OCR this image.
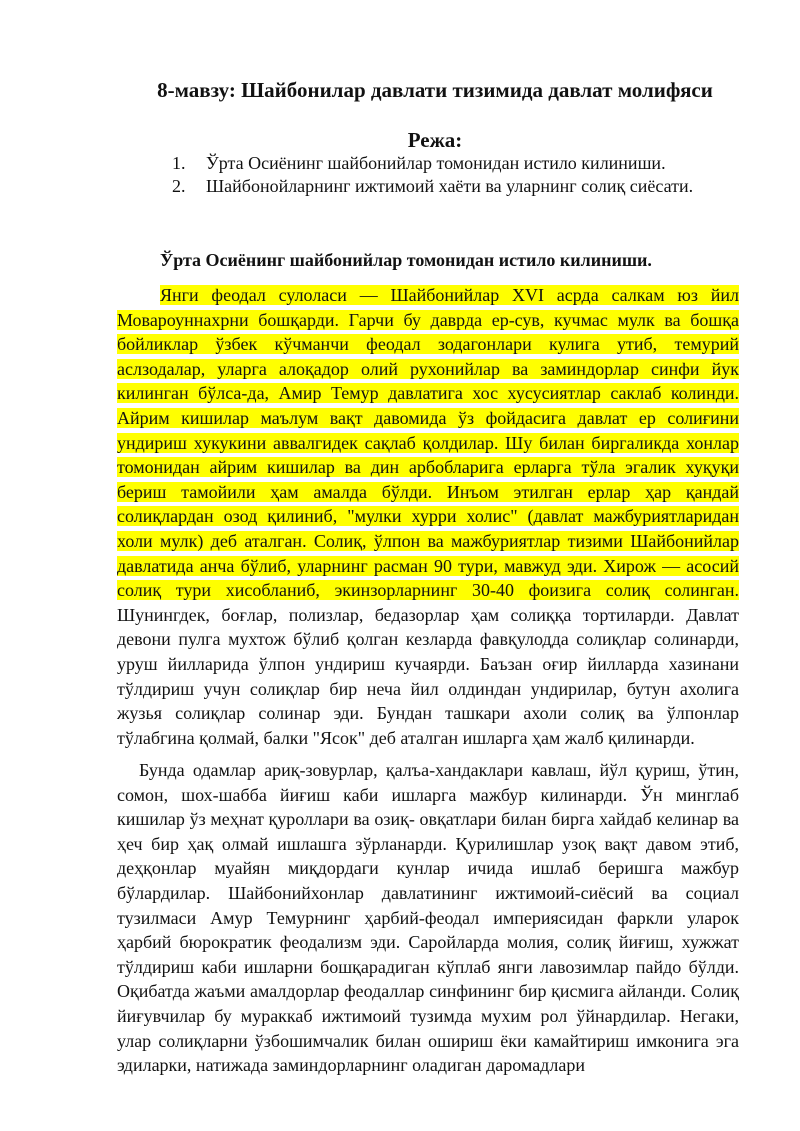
8-мавзу: Шайбонилар давлати тизимида давлат молифяси
Режа:
1.	Ўрта Осиёнинг шайбонийлар томонидан истило килиниши.
2.	Шайбонойларнинг ижтимоий хаёти ва уларнинг солиқ сиёсати.
Ўрта Осиёнинг шайбонийлар томонидан истило килиниши.
Янги феодал сулоласи — Шайбонийлар XVI асрда салкам юз йил Мовароуннахрни бошқарди. Гарчи бу даврда ер-сув, кучмас мулк ва бошқа бойликлар ўзбек кўчманчи феодал зодагонлари кулига утиб, темурий аслзодалар, уларга алоқадор олий рухонийлар ва заминдорлар синфи йук килинган бўлса-да, Амир Темур давлатига хос хусусиятлар саклаб колинди. Айрим кишилар маълум вақт давомида ўз фойдасига давлат ер солиғини ундириш хукукини аввалгидек сақлаб қолдилар. Шу билан биргаликда хонлар томонидан айрим кишилар ва дин арбобларига ерларга тўла эгалик хуқуқи бериш тамойили ҳам амалда бўлди. Инъом этилган ерлар ҳар қандай солиқлардан озод қилиниб, "мулки хурри холис" (давлат мажбуриятларидан холи мулк) деб аталган. Солиқ, ўлпон ва мажбуриятлар тизими Шайбонийлар давлатида анча бўлиб, уларнинг расман 90 тури, мавжуд эди. Хирож — асосий солиқ тури хисобланиб, экинзорларнинг 30-40 фоизига солиқ солинган. Шунингдек, боғлар, полизлар, бедазорлар ҳам солиққа тортиларди. Давлат девони пулга мухтож бўлиб қолган кезларда фавқулодда солиқлар солинарди, уруш йилларида ўлпон ундириш кучаярди. Баъзан оғир йилларда хазинани тўлдириш учун солиқлар бир неча йил олдиндан ундирилар, бутун ахолига жузья солиқлар солинар эди. Бундан ташкари ахоли солиқ ва ўлпонлар тўлабгина қолмай, балки "Ясок" деб аталган ишларга ҳам жалб қилинарди.
Бунда одамлар ариқ-зовурлар, қалъа-хандаклари кавлаш, йўл қуриш, ўтин, сомон, шох-шабба йиғиш каби ишларга мажбур килинарди. Ўн минглаб кишилар ўз меҳнат қуроллари ва озиқ- овқатлари билан бирга хайдаб келинар ва ҳеч бир ҳақ олмай ишлашга зўрланарди. Қурилишлар узоқ вақт давом этиб, деҳқонлар муайян миқдордаги кунлар ичида ишлаб беришга мажбур бўлардилар. Шайбонийхонлар давлатининг ижтимоий-сиёсий ва социал тузилмаси Амур Темурнинг ҳарбий-феодал империясидан фаркли уларок ҳарбий бюрократик феодализм эди. Саройларда молия, солиқ йиғиш, хужжат тўлдириш каби ишларни бошқарадиган кўплаб янги лавозимлар пайдо бўлди. Оқибатда жаъми амалдорлар феодаллар синфининг бир қисмига айланди. Солиқ йиғувчилар бу мураккаб ижтимоий тузимда мухим рол ўйнардилар. Негаки, улар солиқларни ўзбошимчалик билан ошириш ёки камайтириш имконига эга эдиларки, натижада заминдорларнинг оладиган даромадлари
